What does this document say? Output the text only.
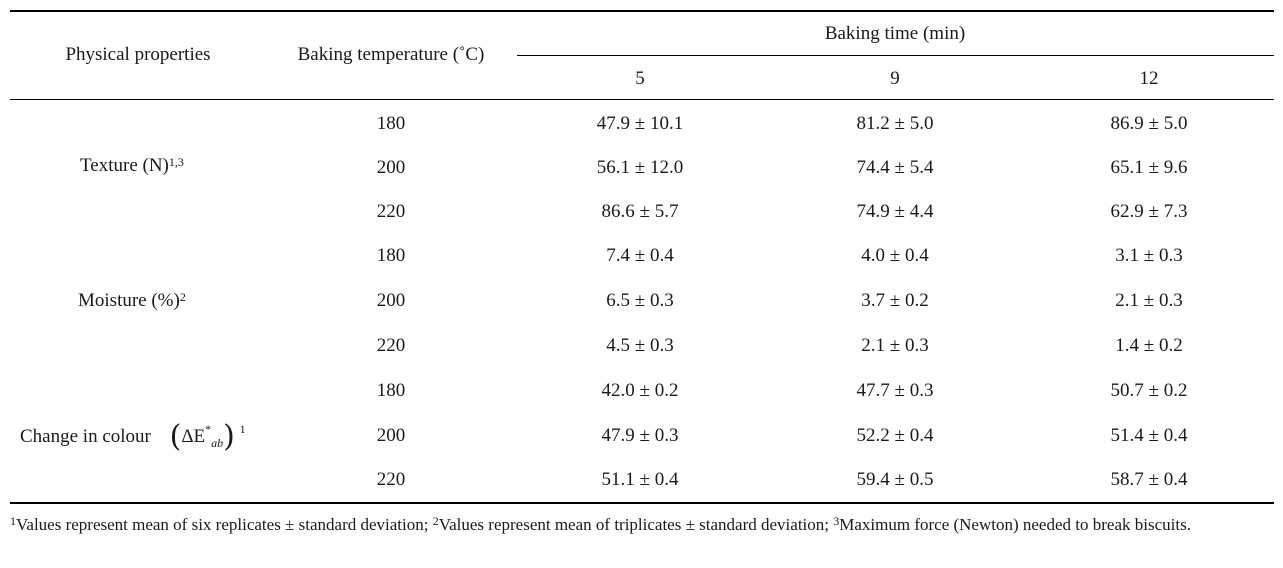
Physical properties	Baking temperature (˚C)
Baking time (min)
5	9	12
Texture $(N)^{1,3}$
180	47.9 ± 10.1	81.2 ± 5.0	86.9 ± 5.0
200	56.1 ± 12.0	74.4 ± 5.4	65.1 ± 9.6
220	86.6 ± 5.7	74.9 ± 4.4	62.9 ± 7.3
Moisture (%)$^2$
180	7.4 ± 0.4	4.0 ± 0.4	3.1 ± 0.3
200	6.5 ± 0.3	3.7 ± 0.2	2.1 ± 0.3
220	4.5 ± 0.3	2.1 ± 0.3	1.4 ± 0.2
Change in colour $(\Delta E^*_{ab})$ $^1$
180	42.0 ± 0.2	47.7 ± 0.3	50.7 ± 0.2
200	47.9 ± 0.3	52.2 ± 0.4	51.4 ± 0.4
220	51.1 ± 0.4	59.4 ± 0.5	58.7 ± 0.4
$^1$Values represent mean of six replicates ± standard deviation; $^2$Values represent mean of triplicates ± standard deviation; $^3$Maximum force (Newton) needed to break biscuits.
